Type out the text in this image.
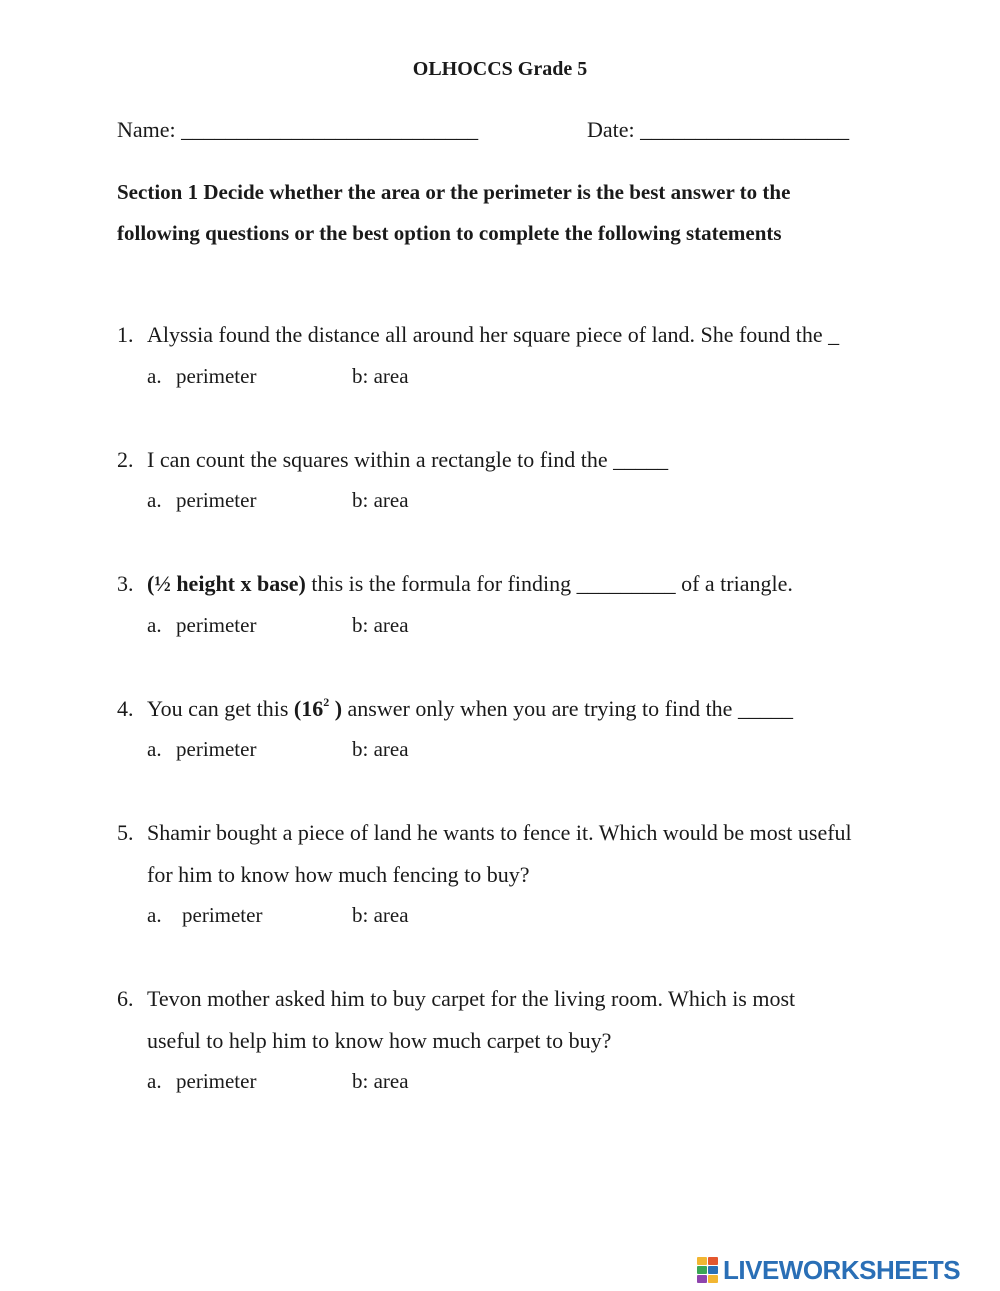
OLHOCCS Grade 5
Name: ___________________________	Date: ___________________
Section 1 Decide whether the area or the perimeter is the best answer to the
following questions or the best option to complete the following statements
1. Alyssia found the distance all around her square piece of land. She found the _
a. perimeter	b: area
2. I can count the squares within a rectangle to find the _____
a. perimeter	b: area
3. (½ height x base) this is the formula for finding _________ of a triangle.
a. perimeter	b: area
4. You can get this ($16^2$ ) answer only when you are trying to find the _____
a. perimeter	b: area
5. Shamir bought a piece of land he wants to fence it. Which would be most useful
for him to know how much fencing to buy?
a. perimeter	b: area
6. Tevon mother asked him to buy carpet for the living room. Which is most
useful to help him to know how much carpet to buy?
a. perimeter	b: area
LIVEWORKSHEETS
